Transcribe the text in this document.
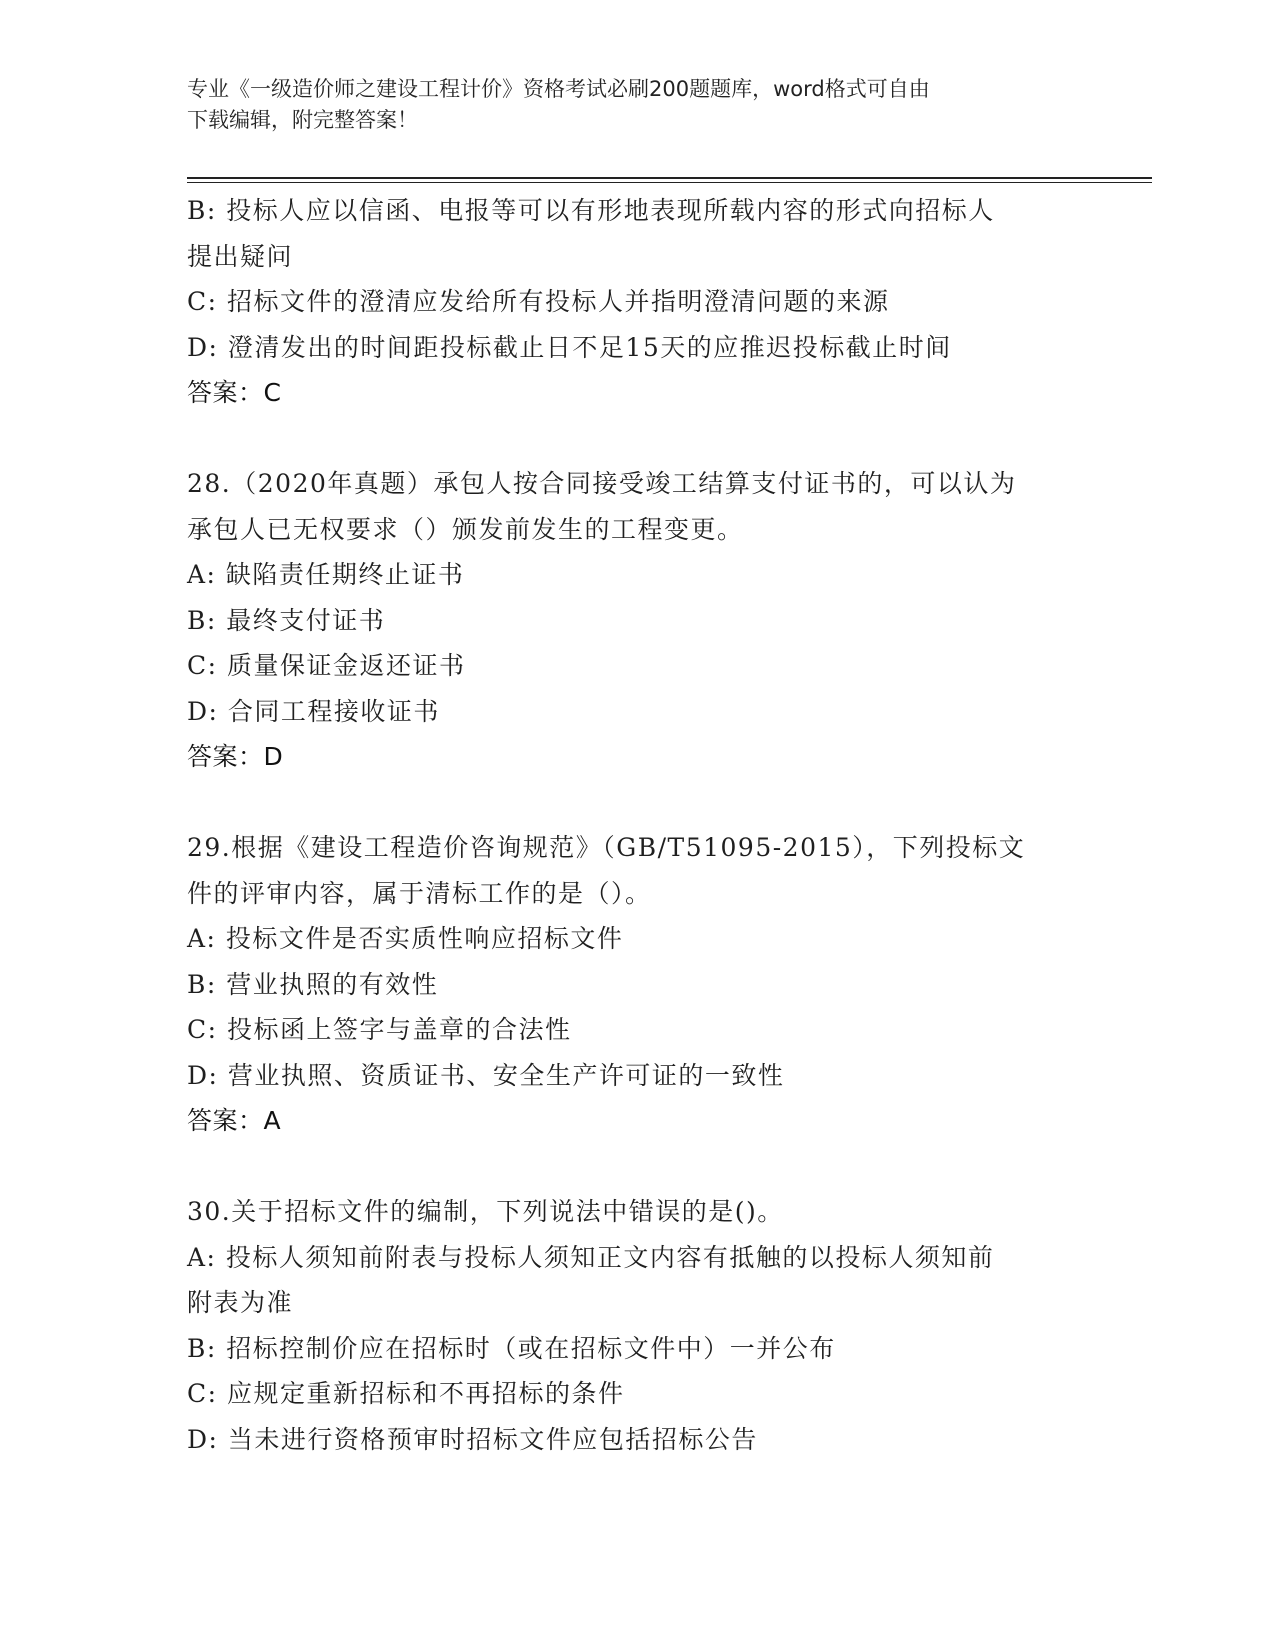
专业《一级造价师之建设工程计价》资格考试必刷200题题库，word格式可自由
下载编辑，附完整答案！
B: 投标人应以信函、电报等可以有形地表现所载内容的形式向招标人
提出疑问
C: 招标文件的澄清应发给所有投标人并指明澄清问题的来源
D: 澄清发出的时间距投标截止日不足15天的应推迟投标截止时间
答案：C
28.（2020年真题）承包人按合同接受竣工结算支付证书的，可以认为
承包人已无权要求（）颁发前发生的工程变更。
A: 缺陷责任期终止证书
B: 最终支付证书
C: 质量保证金返还证书
D: 合同工程接收证书
答案：D
29.根据《建设工程造价咨询规范》（GB/T51095-2015），下列投标文
件的评审内容，属于清标工作的是（）。
A: 投标文件是否实质性响应招标文件
B: 营业执照的有效性
C: 投标函上签字与盖章的合法性
D: 营业执照、资质证书、安全生产许可证的一致性
答案：A
30.关于招标文件的编制，下列说法中错误的是()。
A: 投标人须知前附表与投标人须知正文内容有抵触的以投标人须知前
附表为准
B: 招标控制价应在招标时（或在招标文件中）一并公布
C: 应规定重新招标和不再招标的条件
D: 当未进行资格预审时招标文件应包括招标公告
